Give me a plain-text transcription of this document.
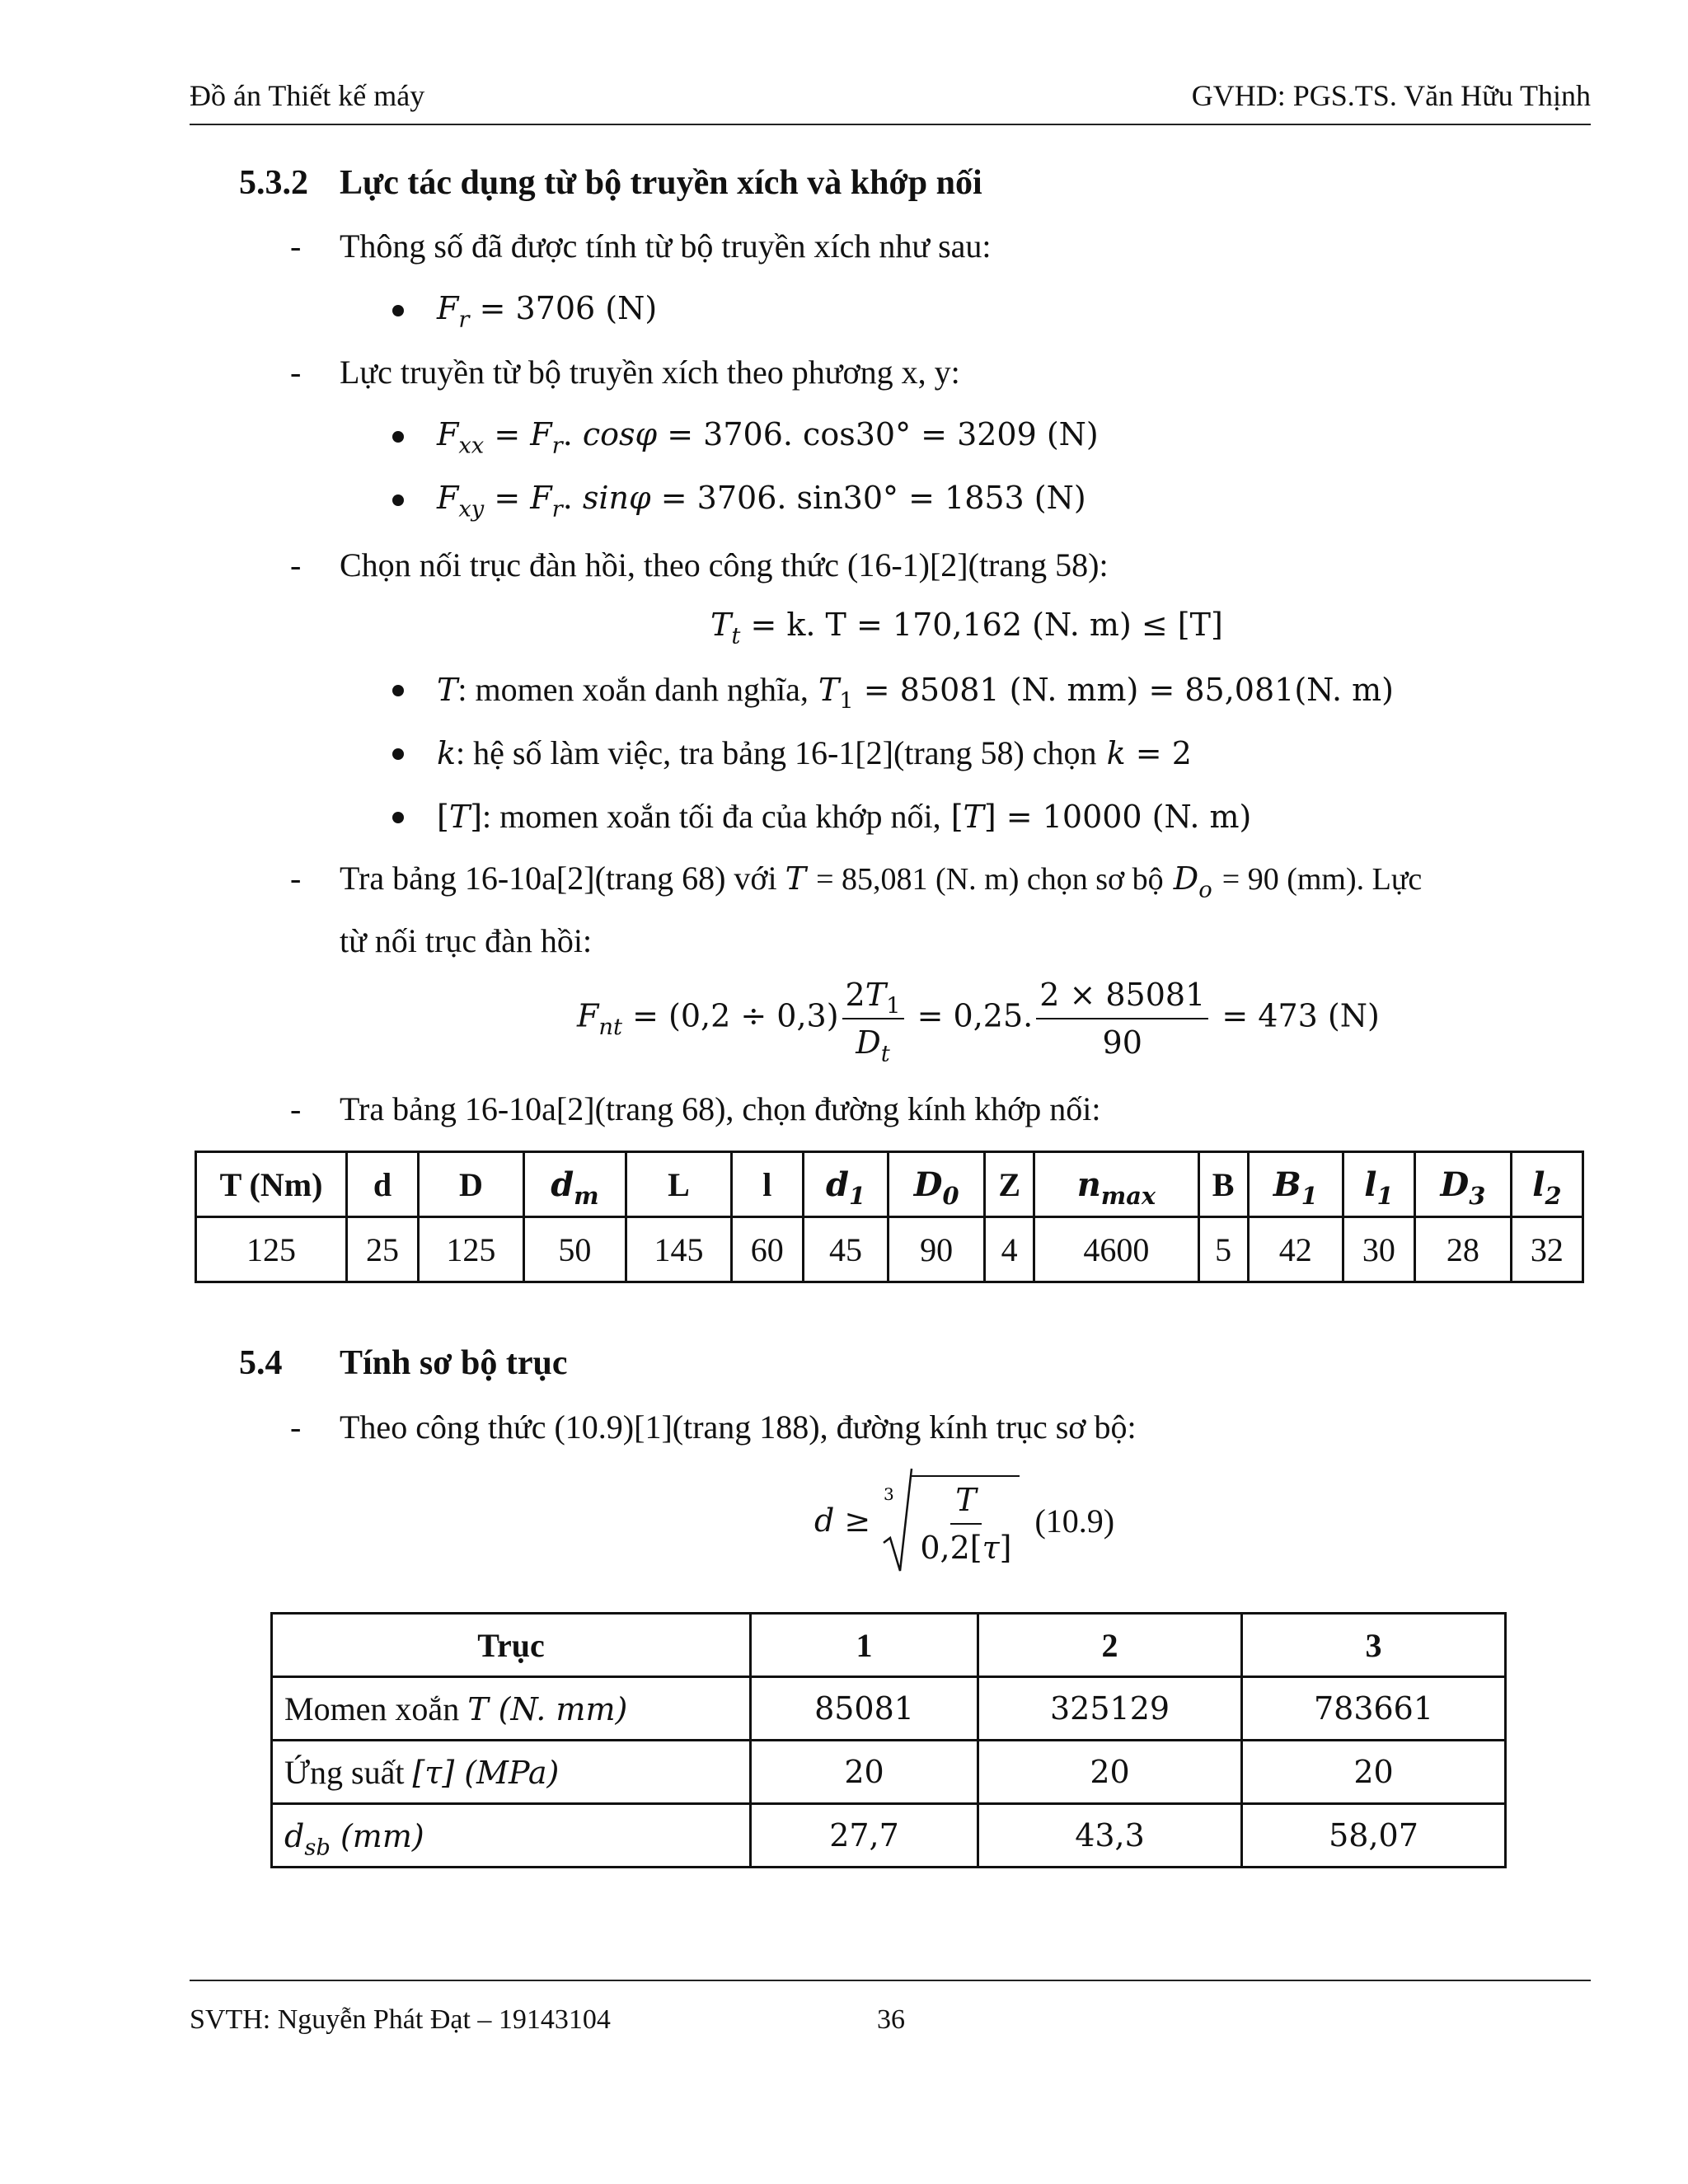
Đồ án Thiết kế máy	GVHD: PGS.TS. Văn Hữu Thịnh
5.3.2 Lực tác dụng từ bộ truyền xích và khớp nối
- Thông số đã được tính từ bộ truyền xích như sau:
$F_r = 3706$ (N)
- Lực truyền từ bộ truyền xích theo phương x, y:
$F_{xx} = F_r$. cosφ = 3706. cos30° = 3209 (N)
$F_{xy} = F_r$. sinφ = 3706. sin30° = 1853 (N)
- Chọn nối trục đàn hồi, theo công thức (16-1)[2](trang 58):
$T_t = k$. T = 170,162 (N. m) ≤ [T]
T: momen xoắn danh nghĩa, $T_1 = 85081$ (N. mm) = 85,081(N. m)
k: hệ số làm việc, tra bảng 16-1[2](trang 58) chọn k = 2
[T]: momen xoắn tối đa của khớp nối, [T] = 10000 (N. m)
- Tra bảng 16-10a[2](trang 68) với T = 85,081 (N. m) chọn sơ bộ $D_o = 90$ (mm). Lực
từ nối trục đàn hồi:
$F_{nt} = (0,2 \div 0,3) \frac{2T_1}{D_t} = 0,25$. $\frac{2 \times 85081}{90} = 473$ (N)
- Tra bảng 16-10a[2](trang 68), chọn đường kính khớp nối:
T (Nm)	d	D	$d_m$	L	l	$d_1$	$D_0$	Z	$n_{max}$	B	$B_1$	$l_1$	$D_3$	$l_2$
125	25	125	50	145	60	45	90	4	4600	5	42	30	28	32
5.4 Tính sơ bộ trục
- Theo công thức (10.9)[1](trang 188), đường kính trục sơ bộ:
d ≥
3 T
0,2[τ]
(10.9)
Trục	1	2	3
Momen xoắn T (N. mm)	85081	325129	783661
Ứng suất [τ] (MPa)	20	20	20
$d_{sb}$ (mm)	27,7	43,3	58,07
SVTH: Nguyễn Phát Đạt – 19143104	36
